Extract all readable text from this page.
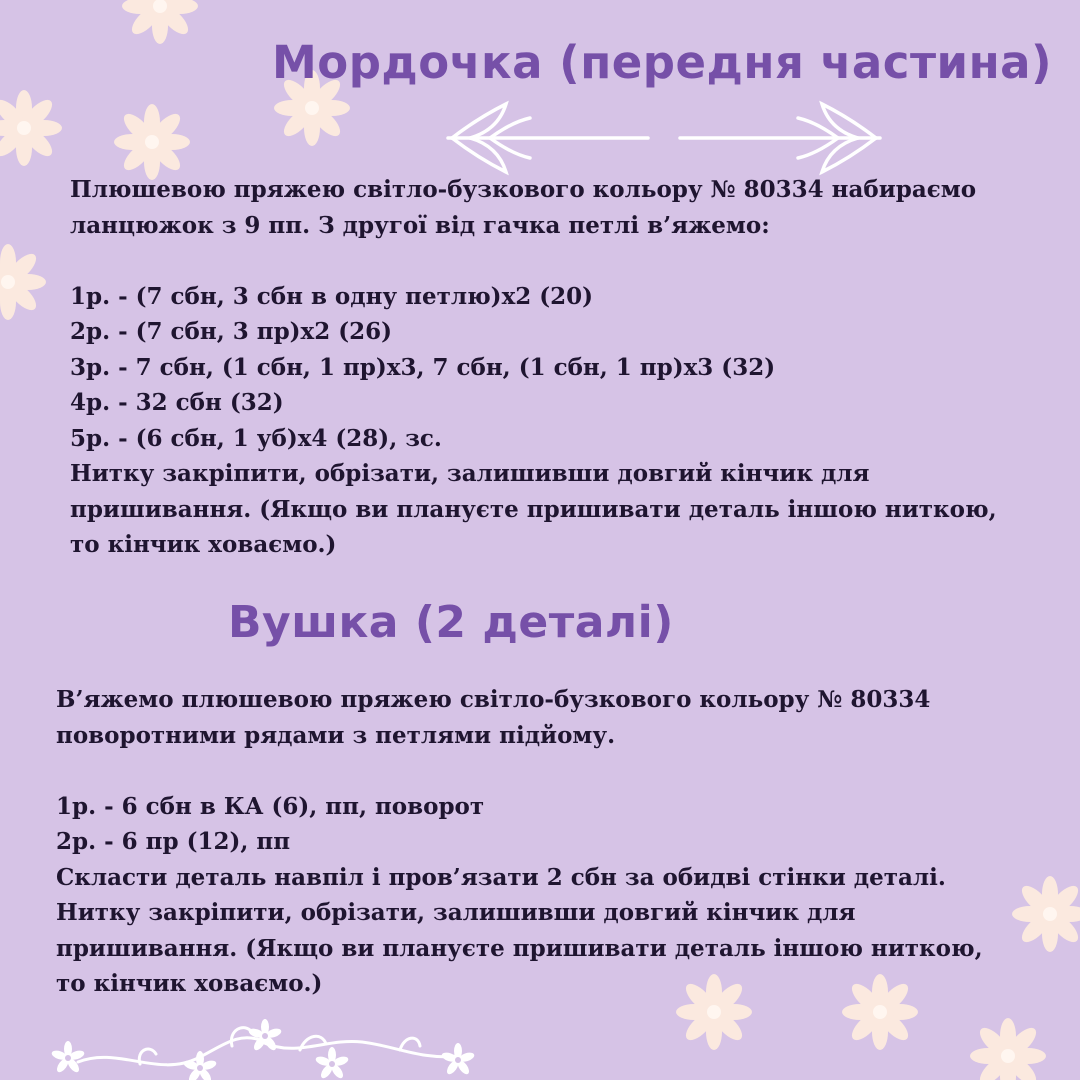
Мордочка (передня частина)

Плюшевою пряжею світло-бузкового кольору № 80334 набираємо

ланцюжок з 9 пп. З другої від гачка петлі в’яжемо:

1р. - (7 сбн, 3 сбн в одну петлю)х2 (20)

2р. - (7 сбн, 3 пр)х2 (26)

3р. - 7 сбн, (1 сбн, 1 пр)х3, 7 сбн, (1 сбн, 1 пр)х3 (32)

4р. - 32 сбн (32)

5р. - (6 сбн, 1 уб)х4 (28), зс.

Нитку закріпити, обрізати, залишивши довгий кінчик для

пришивання. (Якщо ви плануєте пришивати деталь іншою ниткою,

то кінчик ховаємо.)

Вушка (2 деталі)

В’яжемо плюшевою пряжею світло-бузкового кольору № 80334

поворотними рядами з петлями підйому.

1р. - 6 сбн в КА (6), пп, поворот

2р. - 6 пр (12), пп

Скласти деталь навпіл і пров’язати 2 сбн за обидві стінки деталі.

Нитку закріпити, обрізати, залишивши довгий кінчик для

пришивання. (Якщо ви плануєте пришивати деталь іншою ниткою,

то кінчик ховаємо.)
